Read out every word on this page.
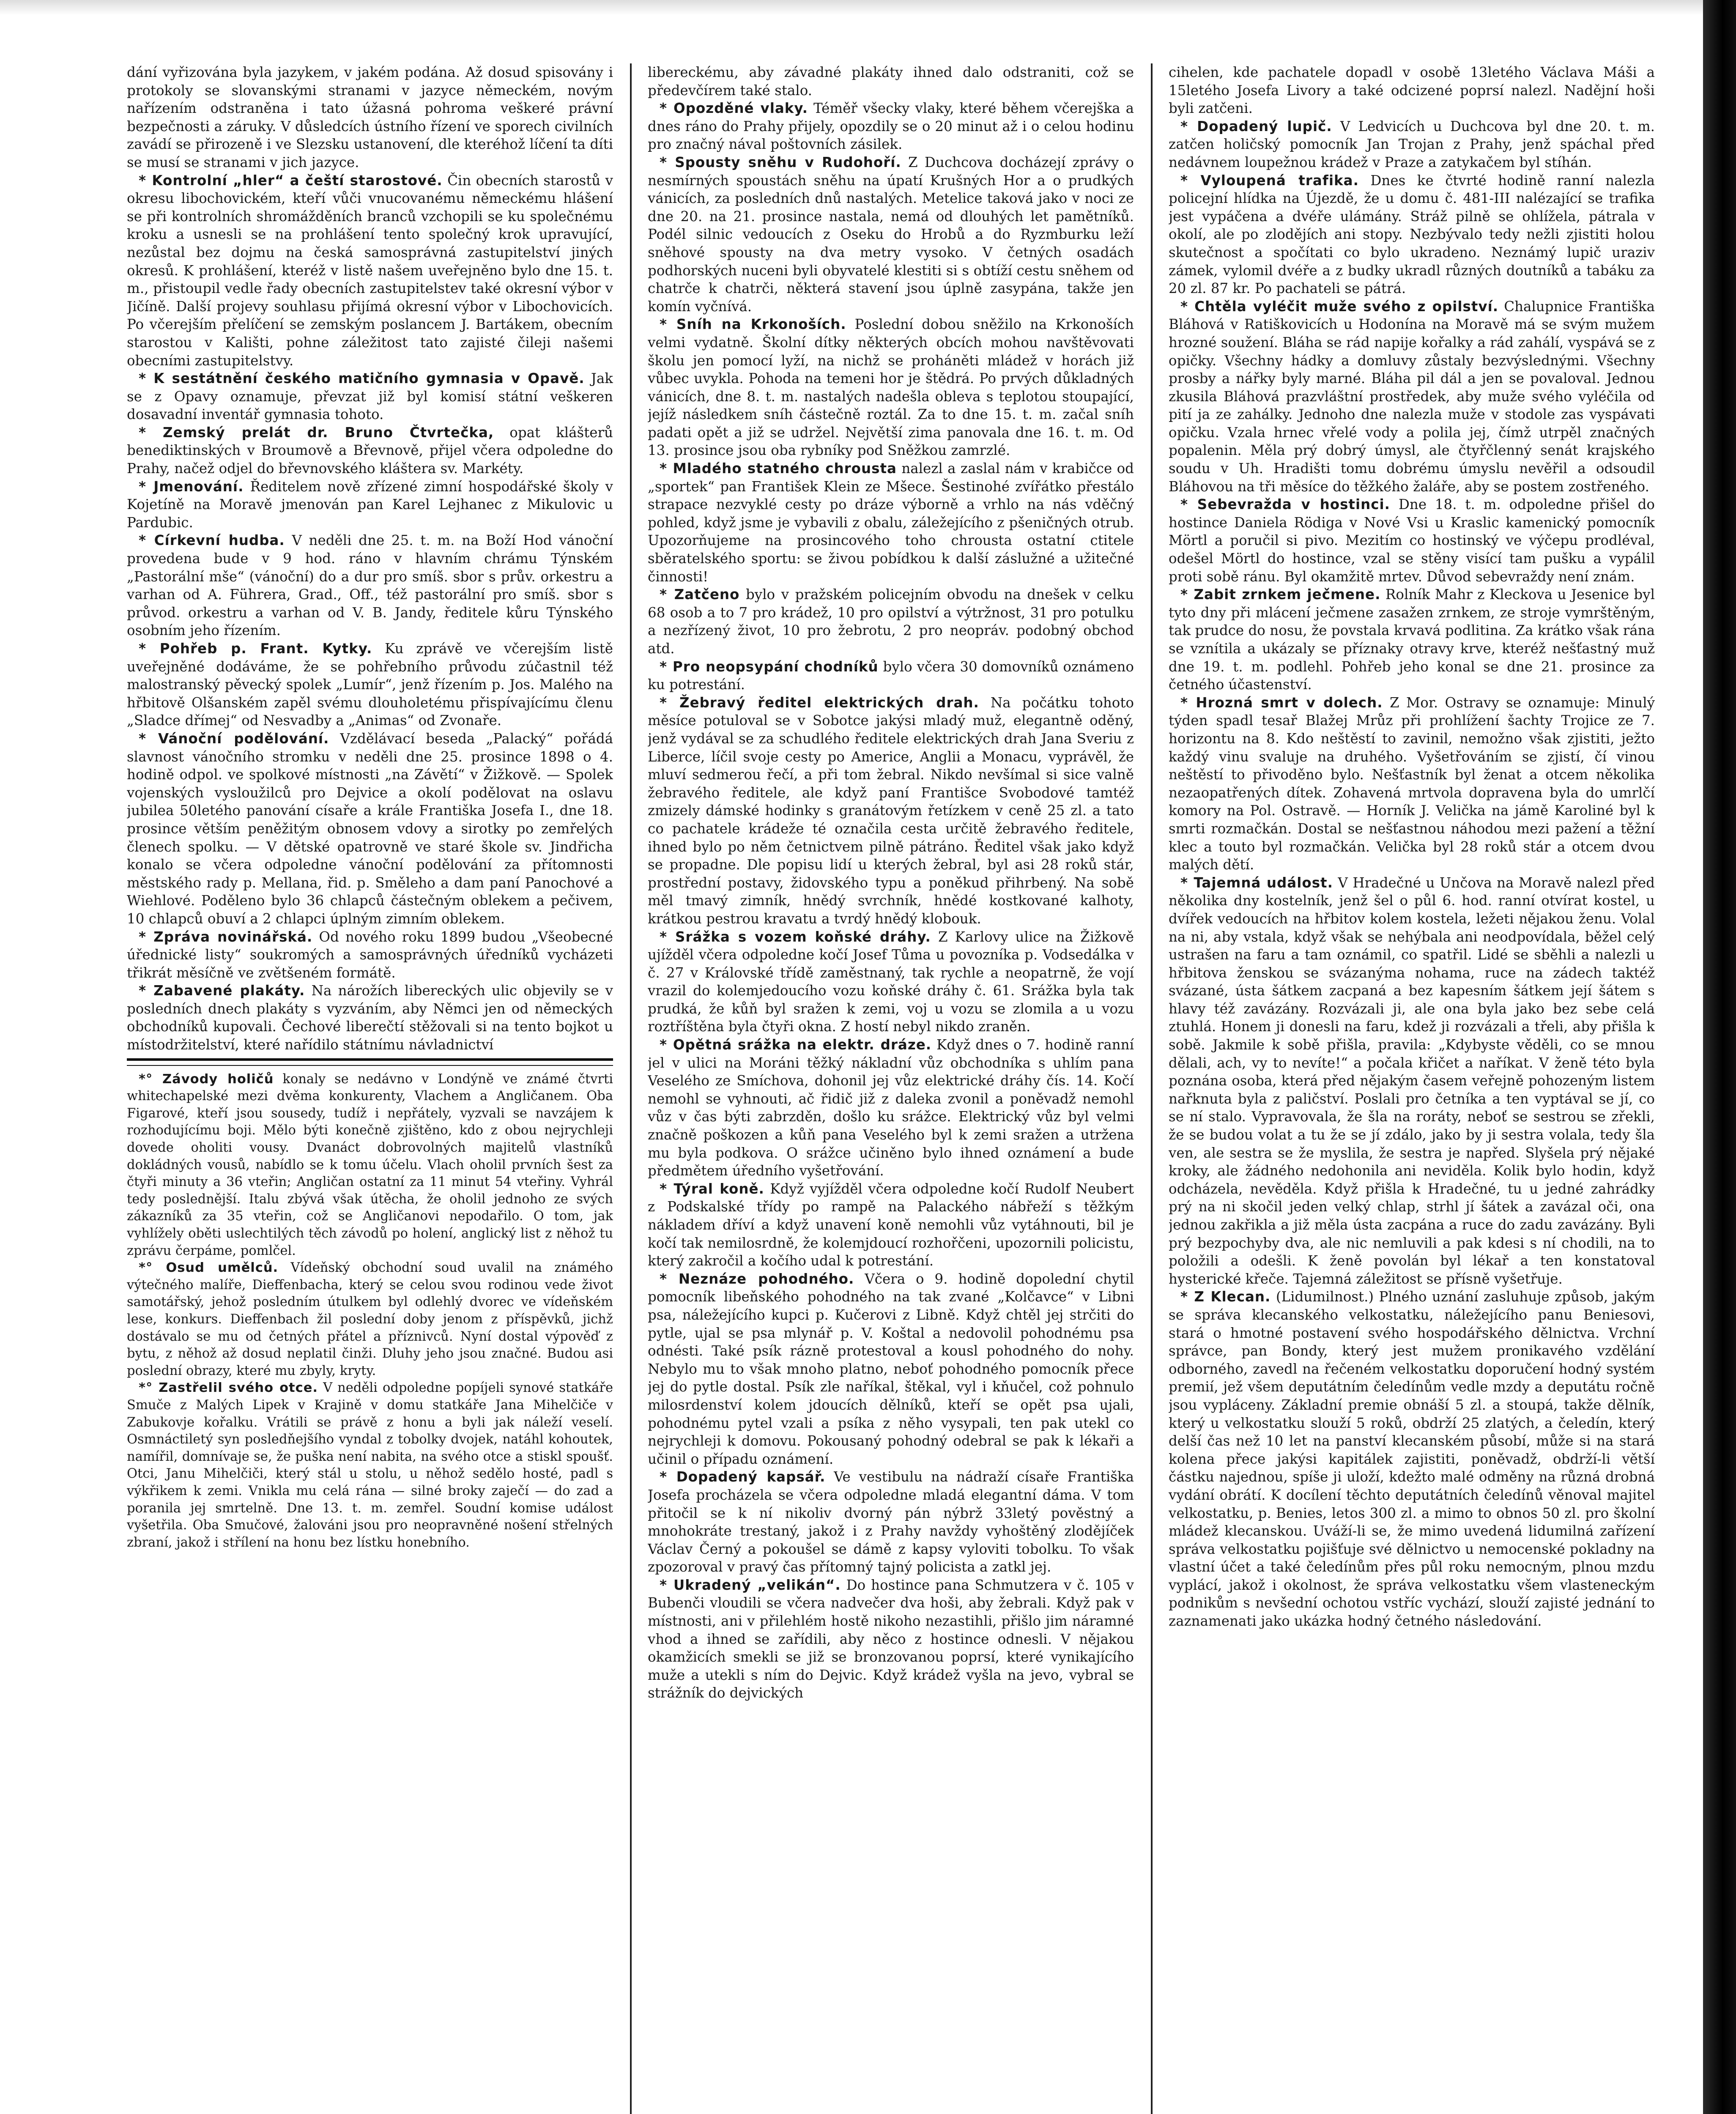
dání vyřizována byla jazykem, v jakém podána. Až dosud spisovány i protokoly se slovanskými stranami v jazyce německém, novým nařízením odstraněna i tato úžasná pohroma veškeré právní bezpečnosti a záruky. V důsledcích ústního řízení ve sporech civilních zavádí se přirozeně i ve Slezsku ustanovení, dle kteréhož líčení ta díti se musí se stranami v jich jazyce.

* Kontrolní „hler“ a čeští starostové. Čin obecních starostů v okresu libochovickém, kteří vůči vnucovanému německému hlášení se při kontrolních shromážděních branců vzchopili se ku společnému kroku a usnesli se na prohlášení tento společný krok upravující, nezůstal bez dojmu na česká samosprávná zastupitelství jiných okresů. K prohlášení, kteréž v listě našem uveřejněno bylo dne 15. t. m., přistoupil vedle řady obecních zastupitelstev také okresní výbor v Jičíně. Další projevy souhlasu přijímá okresní výbor v Libochovicích. Po včerejším přelíčení se zemským poslancem J. Bartákem, obecním starostou v Kališti, pohne záležitost tato zajisté čileji našemi obecními zastupitelstvy.

* K sestátnění českého matičního gymnasia v Opavě. Jak se z Opavy oznamuje, převzat již byl komisí státní veškeren dosavadní inventář gymnasia tohoto.

* Zemský prelát dr. Bruno Čtvrtečka, opat klášterů benediktinských v Broumově a Břevnově, přijel včera odpoledne do Prahy, načež odjel do břevnovského kláštera sv. Markéty.

* Jmenování. Ředitelem nově zřízené zimní hospodářské školy v Kojetíně na Moravě jmenován pan Karel Lejhanec z Mikulovic u Pardubic.

* Církevní hudba. V neděli dne 25. t. m. na Boží Hod vánoční provedena bude v 9 hod. ráno v hlavním chrámu Týnském „Pastorální mše“ (vánoční) do a dur pro smíš. sbor s prův. orkestru a varhan od A. Führera, Grad., Off., též pastorální pro smíš. sbor s průvod. orkestru a varhan od V. B. Jandy, ředitele kůru Týnského osobním jeho řízením.

* Pohřeb p. Frant. Kytky. Ku zprávě ve včerejším listě uveřejněné dodáváme, že se pohřebního průvodu zúčastnil též malostranský pěvecký spolek „Lumír“, jenž řízením p. Jos. Malého na hřbitově Olšanském zapěl svému dlouholetému přispívajícímu členu „Sladce dřímej“ od Nesvadby a „Animas“ od Zvonaře.

* Vánoční podělování. Vzdělávací beseda „Palacký“ pořádá slavnost vánočního stromku v neděli dne 25. prosince 1898 o 4. hodině odpol. ve spolkové místnosti „na Závětí“ v Žižkově. — Spolek vojenských vysloužilců pro Dejvice a okolí podělovat na oslavu jubilea 50letého panování císaře a krále Františka Josefa I., dne 18. prosince větším peněžitým obnosem vdovy a sirotky po zemřelých členech spolku. — V dětské opatrovně ve staré škole sv. Jindřicha konalo se včera odpoledne vánoční podělování za přítomnosti městského rady p. Mellana, řid. p. Směleho a dam paní Panochové a Wiehlové. Poděleno bylo 36 chlapců částečným oblekem a pečivem, 10 chlapců obuví a 2 chlapci úplným zimním oblekem.

* Zpráva novinářská. Od nového roku 1899 budou „Všeobecné úřednické listy“ soukromých a samosprávných úředníků vycházeti třikrát měsíčně ve zvětšeném formátě.

* Zabavené plakáty. Na nárožích libereckých ulic objevily se v posledních dnech plakáty s vyzváním, aby Němci jen od německých obchodníků kupovali. Čechové liberečtí stěžovali si na tento bojkot u místodržitelství, které nařídilo státnímu návladnictví

*° Závody holičů konaly se nedávno v Londýně ve známé čtvrti whitechapelské mezi dvěma konkurenty, Vlachem a Angličanem. Oba Figarové, kteří jsou sousedy, tudíž i nepřátely, vyzvali se navzájem k rozhodujícímu boji. Mělo býti konečně zjištěno, kdo z obou nejrychleji dovede oholiti vousy. Dvanáct dobrovolných majitelů vlastníků dokládných vousů, nabídlo se k tomu účelu. Vlach oholil prvních šest za čtyři minuty a 36 vteřin; Angličan ostatní za 11 minut 54 vteřiny. Vyhrál tedy poslednější. Italu zbývá však útěcha, že oholil jednoho ze svých zákazníků za 35 vteřin, což se Angličanovi nepodařilo. O tom, jak vyhlížely oběti uslechtilých těch závodů po holení, anglický list z něhož tu zprávu čerpáme, pomlčel.

*° Osud umělců. Vídeňský obchodní soud uvalil na známého výtečného malíře, Dieffenbacha, který se celou svou rodinou vede život samotářský, jehož posledním útulkem byl odlehlý dvorec ve vídeňském lese, konkurs. Dieffenbach žil poslední doby jenom z příspěvků, jichž dostávalo se mu od četných přátel a příznivců. Nyní dostal výpověď z bytu, z něhož až dosud neplatil činži. Dluhy jeho jsou značné. Budou asi poslední obrazy, které mu zbyly, kryty.

*° Zastřelil svého otce. V neděli odpoledne popíjeli synové statkáře Smuče z Malých Lipek v Krajině v domu statkáře Jana Mihelčiče v Zabukovje kořalku. Vrátili se právě z honu a byli jak náleží veselí. Osmnáctiletý syn posledňejšího vyndal z tobolky dvojek, natáhl kohoutek, namířil, domnívaje se, že puška není nabita, na svého otce a stiskl spoušť. Otci, Janu Mihelčiči, který stál u stolu, u něhož sedělo hosté, padl s výkřikem k zemi. Vnikla mu celá rána — silné broky zaječí — do zad a poranila jej smrtelně. Dne 13. t. m. zemřel. Soudní komise událost vyšetřila. Oba Smučové, žalováni jsou pro neopravněné nošení střelných zbraní, jakož i střílení na honu bez lístku honebního.

libereckému, aby závadné plakáty ihned dalo odstraniti, což se předevčírem také stalo.

* Opozděné vlaky. Téměř všecky vlaky, které během včerejška a dnes ráno do Prahy přijely, opozdily se o 20 minut až i o celou hodinu pro značný nával poštovních zásilek.

* Spousty sněhu v Rudohoří. Z Duchcova docházejí zprávy o nesmírných spoustách sněhu na úpatí Krušných Hor a o prudkých vánicích, za posledních dnů nastalých. Metelice taková jako v noci ze dne 20. na 21. prosince nastala, nemá od dlouhých let pamětníků. Podél silnic vedoucích z Oseku do Hrobů a do Ryzmburku leží sněhové spousty na dva metry vysoko. V četných osadách podhorských nuceni byli obyvatelé klestiti si s obtíží cestu sněhem od chatrče k chatrči, některá stavení jsou úplně zasypána, takže jen komín vyčnívá.

* Sníh na Krkonoších. Poslední dobou sněžilo na Krkonoších velmi vydatně. Školní dítky některých obcích mohou navštěvovati školu jen pomocí lyží, na nichž se proháněti mládež v horách již vůbec uvykla. Pohoda na temeni hor je štědrá. Po prvých důkladných vánicích, dne 8. t. m. nastalých nadešla obleva s teplotou stoupající, jejíž následkem sníh částečně roztál. Za to dne 15. t. m. začal sníh padati opět a již se udržel. Největší zima panovala dne 16. t. m. Od 13. prosince jsou oba rybníky pod Sněžkou zamrzlé.

* Mladého statného chrousta nalezl a zaslal nám v krabičce od „sportek“ pan František Klein ze Mšece. Šestinohé zvířátko přestálo strapace nezvyklé cesty po dráze výborně a vrhlo na nás vděčný pohled, když jsme je vybavili z obalu, záležejícího z pšeničných otrub. Upozorňujeme na prosincového toho chrousta ostatní ctitele sběratelského sportu: se živou pobídkou k další záslužné a užitečné činnosti!

* Zatčeno bylo v pražském policejním obvodu na dnešek v celku 68 osob a to 7 pro krádež, 10 pro opilství a výtržnost, 31 pro potulku a nezřízený život, 10 pro žebrotu, 2 pro neopráv. podobný obchod atd.

* Pro neopsypání chodníků bylo včera 30 domovníků oznámeno ku potrestání.

* Žebravý ředitel elektrických drah. Na počátku tohoto měsíce potuloval se v Sobotce jakýsi mladý muž, elegantně oděný, jenž vydával se za schudlého ředitele elektrických drah Jana Sveriu z Liberce, líčil svoje cesty po Americe, Anglii a Monacu, vyprávěl, že mluví sedmerou řečí, a při tom žebral. Nikdo nevšímal si sice valně žebravého ředitele, ale když paní Františce Svobodové tamtéž zmizely dámské hodinky s granátovým řetízkem v ceně 25 zl. a tato co pachatele krádeže té označila cesta určitě žebravého ředitele, ihned bylo po něm četnictvem pilně pátráno. Ředitel však jako když se propadne. Dle popisu lidí u kterých žebral, byl asi 28 roků stár, prostřední postavy, židovského typu a poněkud přihrbený. Na sobě měl tmavý zimník, hnědý svrchník, hnědé kostkované kalhoty, krátkou pestrou kravatu a tvrdý hnědý klobouk.

* Srážka s vozem koňské dráhy. Z Karlovy ulice na Žižkově ujížděl včera odpoledne kočí Josef Tůma u povozníka p. Vodsedálka v č. 27 v Královské třídě zaměstnaný, tak rychle a neopatrně, že vojí vrazil do kolemjedoucího vozu koňské dráhy č. 61. Srážka byla tak prudká, že kůň byl sražen k zemi, voj u vozu se zlomila a u vozu roztříštěna byla čtyři okna. Z hostí nebyl nikdo zraněn.

* Opětná srážka na elektr. dráze. Když dnes o 7. hodině ranní jel v ulici na Moráni těžký nákladní vůz obchodníka s uhlím pana Veselého ze Smíchova, dohonil jej vůz elektrické dráhy čís. 14. Kočí nemohl se vyhnouti, ač řidič již z daleka zvonil a poněvadž nemohl vůz v čas býti zabrzděn, došlo ku srážce. Elektrický vůz byl velmi značně poškozen a kůň pana Veselého byl k zemi sražen a utržena mu byla podkova. O srážce učiněno bylo ihned oznámení a bude předmětem úředního vyšetřování.

* Týral koně. Když vyjížděl včera odpoledne kočí Rudolf Neubert z Podskalské třídy po rampě na Palackého nábřeží s těžkým nákladem dříví a když unavení koně nemohli vůz vytáhnouti, bil je kočí tak nemilosrdně, že kolemjdoucí rozhořčeni, upozornili policistu, který zakročil a kočího udal k potrestání.

* Neznáze pohodného. Včera o 9. hodině dopolední chytil pomocník libeňského pohodného na tak zvané „Kolčavce“ v Libni psa, náležejícího kupci p. Kučerovi z Libně. Když chtěl jej strčiti do pytle, ujal se psa mlynář p. V. Koštal a nedovolil pohodnému psa odnésti. Také psík rázně protestoval a kousl pohodného do nohy. Nebylo mu to však mnoho platno, neboť pohodného pomocník přece jej do pytle dostal. Psík zle naříkal, štěkal, vyl i kňučel, což pohnulo milosrdenství kolem jdoucích dělníků, kteří se opět psa ujali, pohodnému pytel vzali a psíka z něho vysypali, ten pak utekl co nejrychleji k domovu. Pokousaný pohodný odebral se pak k lékaři a učinil o případu oznámení.

* Dopadený kapsář. Ve vestibulu na nádraží císaře Františka Josefa procházela se včera odpoledne mladá elegantní dáma. V tom přitočil se k ní nikoliv dvorný pán nýbrž 33letý pověstný a mnohokráte trestaný, jakož i z Prahy navždy vyhoštěný zlodějíček Václav Černý a pokoušel se dámě z kapsy vyloviti tobolku. To však zpozoroval v pravý čas přítomný tajný policista a zatkl jej.

* Ukradený „velikán“. Do hostince pana Schmutzera v č. 105 v Bubenči vloudili se včera nadvečer dva hoši, aby žebrali. Když pak v místnosti, ani v přilehlém hostě nikoho nezastihli, přišlo jim náramné vhod a ihned se zařídili, aby něco z hostince odnesli. V nějakou okamžicích smekli se již se bronzovanou poprsí, které vynikajícího muže a utekli s ním do Dejvic. Když krádež vyšla na jevo, vybral se strážník do dejvických

cihelen, kde pachatele dopadl v osobě 13letého Václava Máši a 15letého Josefa Livory a také odcizené poprsí nalezl. Nadějní hoši byli zatčeni.

* Dopadený lupič. V Ledvicích u Duchcova byl dne 20. t. m. zatčen holičský pomocník Jan Trojan z Prahy, jenž spáchal před nedávnem loupežnou krádež v Praze a zatykačem byl stíhán.

* Vyloupená trafika. Dnes ke čtvrté hodině ranní nalezla policejní hlídka na Újezdě, že u domu č. 481-III nalézající se trafika jest vypáčena a dvéře ulámány. Stráž pilně se ohlížela, pátrala v okolí, ale po zlodějích ani stopy. Nezbývalo tedy nežli zjistiti holou skutečnost a spočítati co bylo ukradeno. Neznámý lupič uraziv zámek, vylomil dvéře a z budky ukradl různých doutníků a tabáku za 20 zl. 87 kr. Po pachateli se pátrá.

* Chtěla vyléčit muže svého z opilství. Chalupnice Františka Bláhová v Ratiškovicích u Hodonína na Moravě má se svým mužem hrozné soužení. Bláha se rád napije kořalky a rád zahálí, vyspává se z opičky. Všechny hádky a domluvy zůstaly bezvýslednými. Všechny prosby a nářky byly marné. Bláha pil dál a jen se povaloval. Jednou zkusila Bláhová prazvláštní prostředek, aby muže svého vyléčila od pití ja ze zahálky. Jednoho dne nalezla muže v stodole zas vyspávati opičku. Vzala hrnec vřelé vody a polila jej, čímž utrpěl značných popalenin. Měla prý dobrý úmysl, ale čtyřčlenný senát krajského soudu v Uh. Hradišti tomu dobrému úmyslu nevěřil a odsoudil Bláhovou na tři měsíce do těžkého žaláře, aby se postem zostřeného.

* Sebevražda v hostinci. Dne 18. t. m. odpoledne přišel do hostince Daniela Rödiga v Nové Vsi u Kraslic kamenický pomocník Mörtl a poručil si pivo. Mezitím co hostinský ve výčepu prodléval, odešel Mörtl do hostince, vzal se stěny visící tam pušku a vypálil proti sobě ránu. Byl okamžitě mrtev. Důvod sebevraždy není znám.

* Zabit zrnkem ječmene. Rolník Mahr z Kleckova u Jesenice byl tyto dny při mlácení ječmene zasažen zrnkem, ze stroje vymrštěným, tak prudce do nosu, že povstala krvavá podlitina. Za krátko však rána se vznítila a ukázaly se příznaky otravy krve, kteréž nešťastný muž dne 19. t. m. podlehl. Pohřeb jeho konal se dne 21. prosince za četného účastenství.

* Hrozná smrt v dolech. Z Mor. Ostravy se oznamuje: Minulý týden spadl tesař Blažej Mrůz při prohlížení šachty Trojice ze 7. horizontu na 8. Kdo neštěstí to zavinil, nemožno však zjistiti, ježto každý vinu svaluje na druhého. Vyšetřováním se zjistí, čí vinou neštěstí to přivoděno bylo. Nešťastník byl ženat a otcem několika nezaopatřených dítek. Zohavená mrtvola dopravena byla do umrlčí komory na Pol. Ostravě. — Horník J. Velička na jámě Karoliné byl k smrti rozmačkán. Dostal se nešťastnou náhodou mezi pažení a těžní klec a touto byl rozmačkán. Velička byl 28 roků stár a otcem dvou malých dětí.

* Tajemná událost. V Hradečné u Unčova na Moravě nalezl před několika dny kostelník, jenž šel o půl 6. hod. ranní otvírat kostel, u dvířek vedoucích na hřbitov kolem kostela, ležeti nějakou ženu. Volal na ni, aby vstala, když však se nehýbala ani neodpovídala, běžel celý ustrašen na faru a tam oznámil, co spatřil. Lidé se sběhli a nalezli u hřbitova ženskou se svázanýma nohama, ruce na zádech taktéž svázané, ústa šátkem zacpaná a bez kapesním šátkem její šátem s hlavy též zavázány. Rozvázali ji, ale ona byla jako bez sebe celá ztuhlá. Honem ji donesli na faru, kdež ji rozvázali a třeli, aby přišla k sobě. Jakmile k sobě přišla, pravila: „Kdybyste věděli, co se mnou dělali, ach, vy to nevíte!“ a počala křičet a naříkat. V ženě této byla poznána osoba, která před nějakým časem veřejně pohozeným listem nařknuta byla z paličství. Poslali pro četníka a ten vyptával se jí, co se ní stalo. Vypravovala, že šla na roráty, neboť se sestrou se zřekli, že se budou volat a tu že se jí zdálo, jako by ji sestra volala, tedy šla ven, ale sestra se že myslila, že sestra je napřed. Slyšela prý nějaké kroky, ale žádného nedohonila ani neviděla. Kolik bylo hodin, když odcházela, nevěděla. Když přišla k Hradečné, tu u jedné zahrádky prý na ni skočil jeden velký chlap, strhl jí šátek a zavázal oči, ona jednou zakřikla a již měla ústa zacpána a ruce do zadu zavázány. Byli prý bezpochyby dva, ale nic nemluvili a pak kdesi s ní chodili, na to položili a odešli. K ženě povolán byl lékař a ten konstatoval hysterické křeče. Tajemná záležitost se přísně vyšetřuje.

* Z Klecan. (Lidumilnost.) Plného uznání zasluhuje způsob, jakým se správa klecanského velkostatku, náležejícího panu Beniesovi, stará o hmotné postavení svého hospodářského dělnictva. Vrchní správce, pan Bondy, který jest mužem pronikavého vzdělání odborného, zavedl na řečeném velkostatku doporučení hodný systém premií, jež všem deputátním čeledínům vedle mzdy a deputátu ročně jsou vypláceny. Základní premie obnáší 5 zl. a stoupá, takže dělník, který u velkostatku slouží 5 roků, obdrží 25 zlatých, a čeledín, který delší čas než 10 let na panství klecanském působí, může si na stará kolena přece jakýsi kapitálek zajistiti, poněvadž, obdrží-li větší částku najednou, spíše ji uloží, kdežto malé odměny na různá drobná vydání obrátí. K docílení těchto deputátních čeledínů věnoval majitel velkostatku, p. Benies, letos 300 zl. a mimo to obnos 50 zl. pro školní mládež klecanskou. Uváží-li se, že mimo uvedená lidumilná zařízení správa velkostatku pojišťuje své dělnictvo u nemocenské pokladny na vlastní účet a také čeledínům přes půl roku nemocným, plnou mzdu vyplácí, jakož i okolnost, že správa velkostatku všem vlasteneckým podnikům s nevšední ochotou vstříc vychází, slouží zajisté jednání to zaznamenati jako ukázka hodný četného následování.
